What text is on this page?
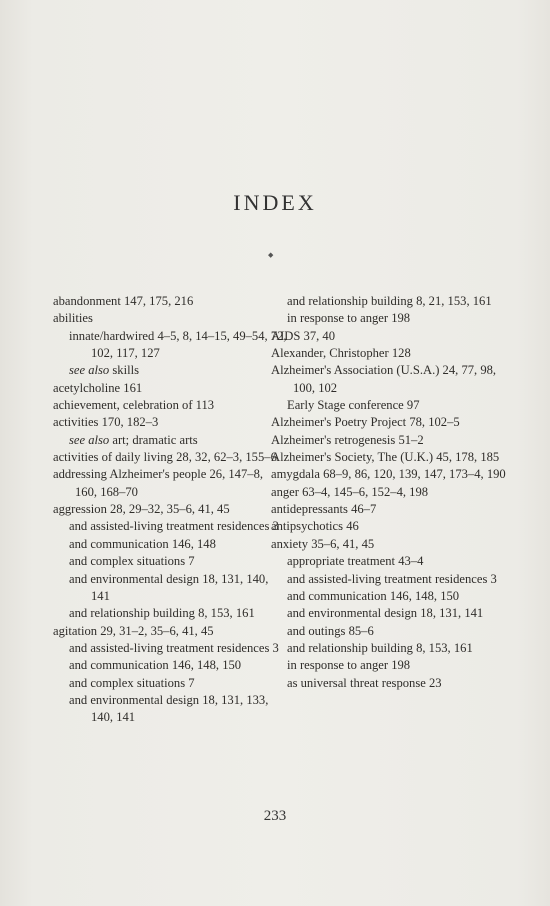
INDEX
◆
abandonment 147, 175, 216
abilities
innate/hardwired 4–5, 8, 14–15, 49–54, 72, 102, 117, 127
see also skills
acetylcholine 161
achievement, celebration of 113
activities 170, 182–3
see also art; dramatic arts
activities of daily living 28, 32, 62–3, 155–6
addressing Alzheimer's people 26, 147–8, 160, 168–70
aggression 28, 29–32, 35–6, 41, 45
and assisted-living treatment residences 3
and communication 146, 148
and complex situations 7
and environmental design 18, 131, 140, 141
and relationship building 8, 153, 161
agitation 29, 31–2, 35–6, 41, 45
and assisted-living treatment residences 3
and communication 146, 148, 150
and complex situations 7
and environmental design 18, 131, 133, 140, 141
and relationship building 8, 21, 153, 161
in response to anger 198
AIDS 37, 40
Alexander, Christopher 128
Alzheimer's Association (U.S.A.) 24, 77, 98, 100, 102
Early Stage conference 97
Alzheimer's Poetry Project 78, 102–5
Alzheimer's retrogenesis 51–2
Alzheimer's Society, The (U.K.) 45, 178, 185
amygdala 68–9, 86, 120, 139, 147, 173–4, 190
anger 63–4, 145–6, 152–4, 198
antidepressants 46–7
antipsychotics 46
anxiety 35–6, 41, 45
appropriate treatment 43–4
and assisted-living treatment residences 3
and communication 146, 148, 150
and environmental design 18, 131, 141
and outings 85–6
and relationship building 8, 153, 161
in response to anger 198
as universal threat response 23
233
